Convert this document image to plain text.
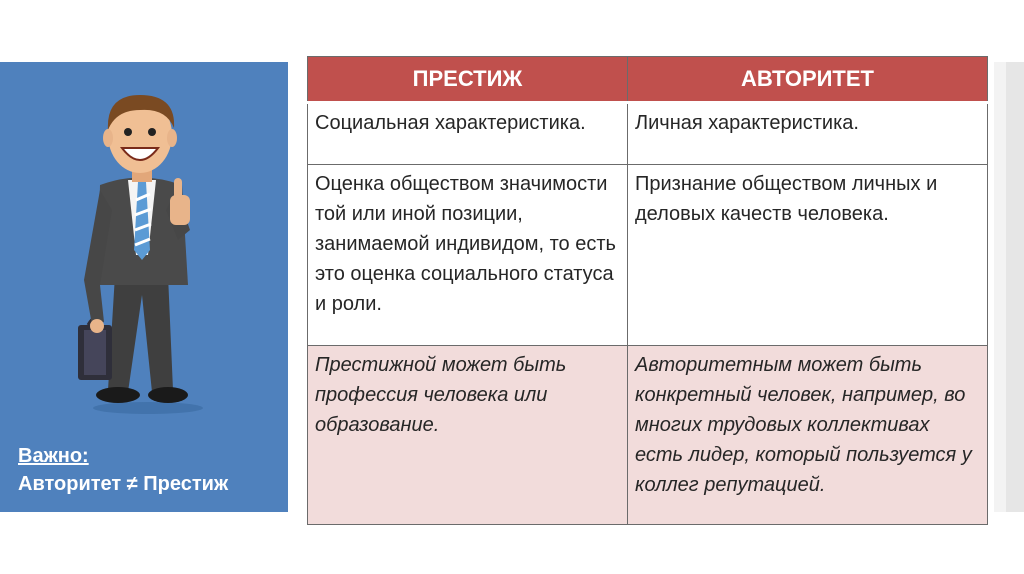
Важно:
Авторитет ≠ Престиж
ПРЕСТИЖ	АВТОРИТЕТ
Социальная характеристика.	Личная характеристика.
Оценка обществом значимости той или иной позиции, занимаемой индивидом, то есть это оценка социального статуса и роли.	Признание обществом личных и деловых качеств человека.
Престижной может быть профессия человека или образование.	Авторитетным может быть конкретный человек, например, во многих трудовых коллективах есть лидер, который пользуется у коллег репутацией.
